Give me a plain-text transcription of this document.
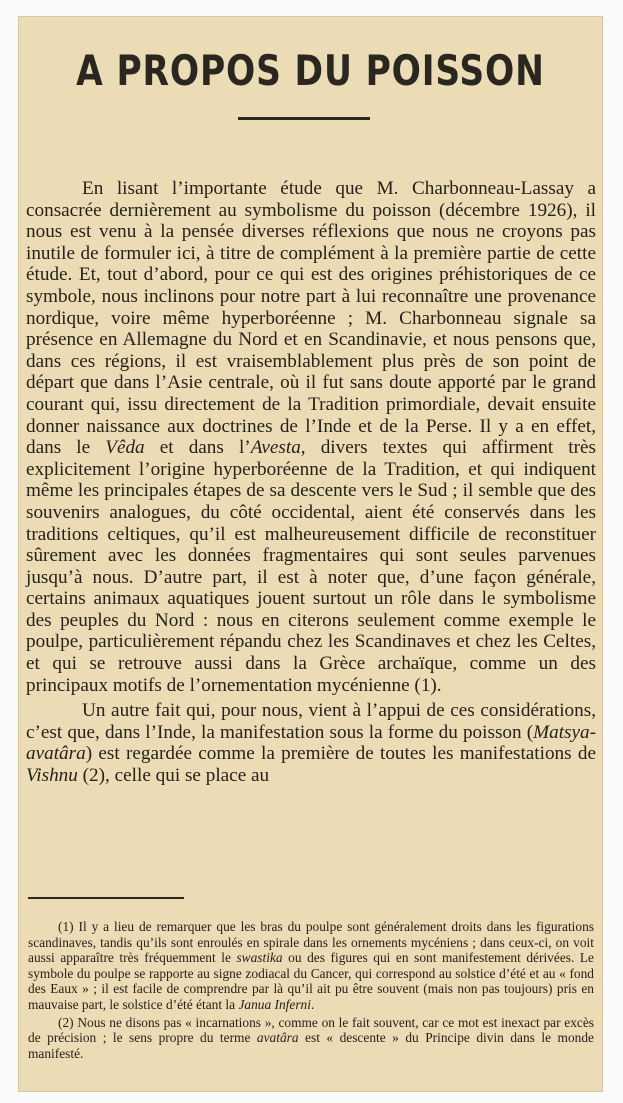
A PROPOS DU POISSON

En lisant l’importante étude que M. Charbonneau-Lassay a consacrée dernièrement au symbolisme du poisson (décembre 1926), il nous est venu à la pensée diverses réflexions que nous ne croyons pas inutile de formuler ici, à titre de complément à la première partie de cette étude. Et, tout d’abord, pour ce qui est des origines préhistoriques de ce symbole, nous inclinons pour notre part à lui reconnaître une provenance nordique, voire même hyperboréenne ; M. Charbonneau signale sa présence en Allemagne du Nord et en Scandinavie, et nous pensons que, dans ces régions, il est vraisemblablement plus près de son point de départ que dans l’Asie centrale, où il fut sans doute apporté par le grand courant qui, issu directement de la Tradition primordiale, devait ensuite donner naissance aux doctrines de l’Inde et de la Perse. Il y a en effet, dans le Vêda et dans l’Avesta, divers textes qui affirment très explicitement l’origine hyperboréenne de la Tradition, et qui indiquent même les principales étapes de sa descente vers le Sud ; il semble que des souvenirs analogues, du côté occidental, aient été conservés dans les traditions celtiques, qu’il est malheureusement difficile de reconstituer sûrement avec les données fragmentaires qui sont seules parvenues jusqu’à nous. D’autre part, il est à noter que, d’une façon générale, certains animaux aquatiques jouent surtout un rôle dans le symbolisme des peuples du Nord : nous en citerons seulement comme exemple le poulpe, particulièrement répandu chez les Scandinaves et chez les Celtes, et qui se retrouve aussi dans la Grèce archaïque, comme un des principaux motifs de l’ornementation mycénienne (1).

Un autre fait qui, pour nous, vient à l’appui de ces considérations, c’est que, dans l’Inde, la manifestation sous la forme du poisson (Matsya-avatâra) est regardée comme la première de toutes les manifestations de Vishnu (2), celle qui se place au

(1) Il y a lieu de remarquer que les bras du poulpe sont généralement droits dans les figurations scandinaves, tandis qu’ils sont enroulés en spirale dans les ornements mycéniens ; dans ceux-ci, on voit aussi apparaître très fréquemment le swastika ou des figures qui en sont manifestement dérivées. Le symbole du poulpe se rapporte au signe zodiacal du Cancer, qui correspond au solstice d’été et au « fond des Eaux » ; il est facile de comprendre par là qu’il ait pu être souvent (mais non pas toujours) pris en mauvaise part, le solstice d’été étant la Janua Inferni.

(2) Nous ne disons pas « incarnations », comme on le fait souvent, car ce mot est inexact par excès de précision ; le sens propre du terme avatâra est « descente » du Principe divin dans le monde manifesté.
